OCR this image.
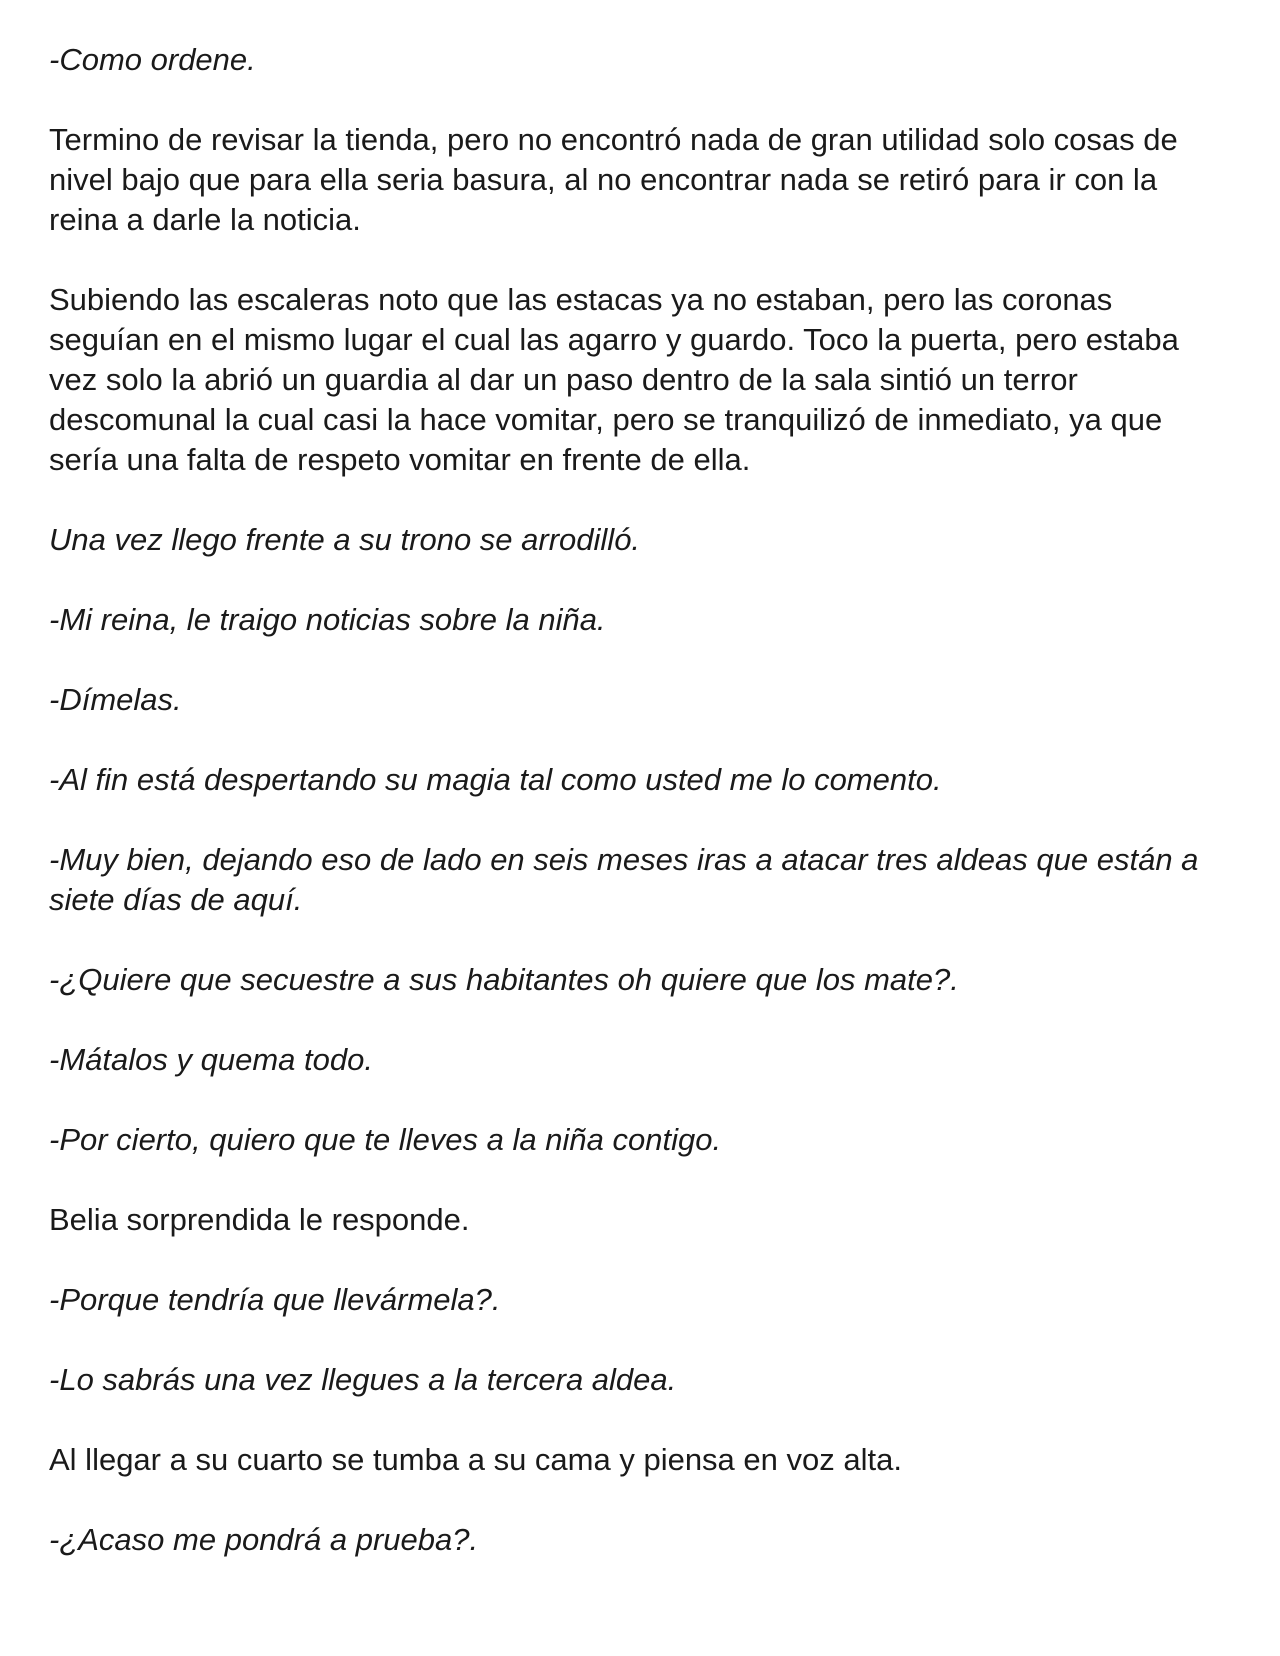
-Como ordene.

Termino de revisar la tienda, pero no encontró nada de gran utilidad solo cosas de nivel bajo que para ella seria basura, al no encontrar nada se retiró para ir con la reina a darle la noticia.

Subiendo las escaleras noto que las estacas ya no estaban, pero las coronas seguían en el mismo lugar el cual las agarro y guardo. Toco la puerta, pero estaba vez solo la abrió un guardia al dar un paso dentro de la sala sintió un terror descomunal la cual casi la hace vomitar, pero se tranquilizó de inmediato, ya que sería una falta de respeto vomitar en frente de ella.

Una vez llego frente a su trono se arrodilló.

-Mi reina, le traigo noticias sobre la niña.

-Dímelas.

-Al fin está despertando su magia tal como usted me lo comento.

-Muy bien, dejando eso de lado en seis meses iras a atacar tres aldeas que están a siete días de aquí.

-¿Quiere que secuestre a sus habitantes oh quiere que los mate?.

-Mátalos y quema todo.

-Por cierto, quiero que te lleves a la niña contigo.

Belia sorprendida le responde.

-Porque tendría que llevármela?.

-Lo sabrás una vez llegues a la tercera aldea.

Al llegar a su cuarto se tumba a su cama y piensa en voz alta.

-¿Acaso me pondrá a prueba?.
